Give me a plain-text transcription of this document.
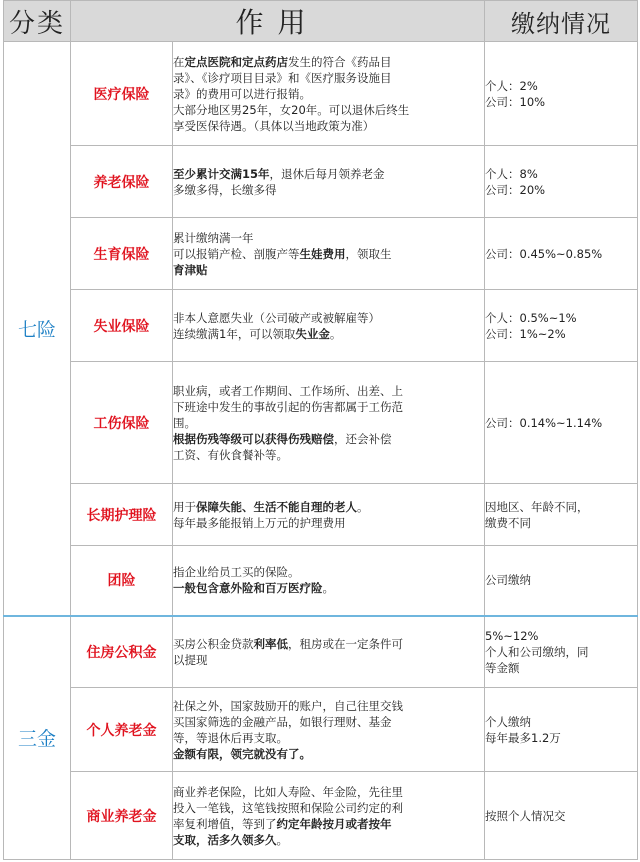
分类	作用		缴纳情况
七险	医疗保险	在定点医院和定点药店发生的符合《药品目
录》、《诊疗项目目录》和《医疗服务设施目
录》的费用可以进行报销。
大部分地区男25年，女20年。可以退休后终生
享受医保待遇。（具体以当地政策为准）	个人：2%
公司：10%

	养老保险	至少累计交满15年，退休后每月领养老金
多缴多得，长缴多得	个人：8%
公司：20%

	生育保险	累计缴纳满一年
可以报销产检、剖腹产等生娃费用，领取生
育津贴	公司：0.45%~0.85%

	失业保险	非本人意愿失业（公司破产或被解雇等）
连续缴满1年，可以领取失业金。	个人：0.5%~1%
公司：1%~2%

	工伤保险	职业病，或者工作期间、工作场所、出差、上
下班途中发生的事故引起的伤害都属于工伤范
围。
根据伤残等级可以获得伤残赔偿，还会补偿
工资、有伙食餐补等。	公司：0.14%~1.14%

	长期护理险	用于保障失能、生活不能自理的老人。
每年最多能报销上万元的护理费用	因地区、年龄不同，
缴费不同

	团险	指企业给员工买的保险。
一般包含意外险和百万医疗险。	公司缴纳

三金	住房公积金	买房公积金贷款利率低，租房或在一定条件可
以提现	5%~12%
个人和公司缴纳，同
等金额

	个人养老金	社保之外，国家鼓励开的账户，自己往里交钱
买国家筛选的金融产品，如银行理财、基金
等，等退休后再支取。
金额有限，领完就没有了。	个人缴纳
每年最多1.2万

	商业养老金	商业养老保险，比如人寿险、年金险，先往里
投入一笔钱，这笔钱按照和保险公司约定的利
率复利增值，等到了约定年龄按月或者按年
支取，活多久领多久。	按照个人情况交
